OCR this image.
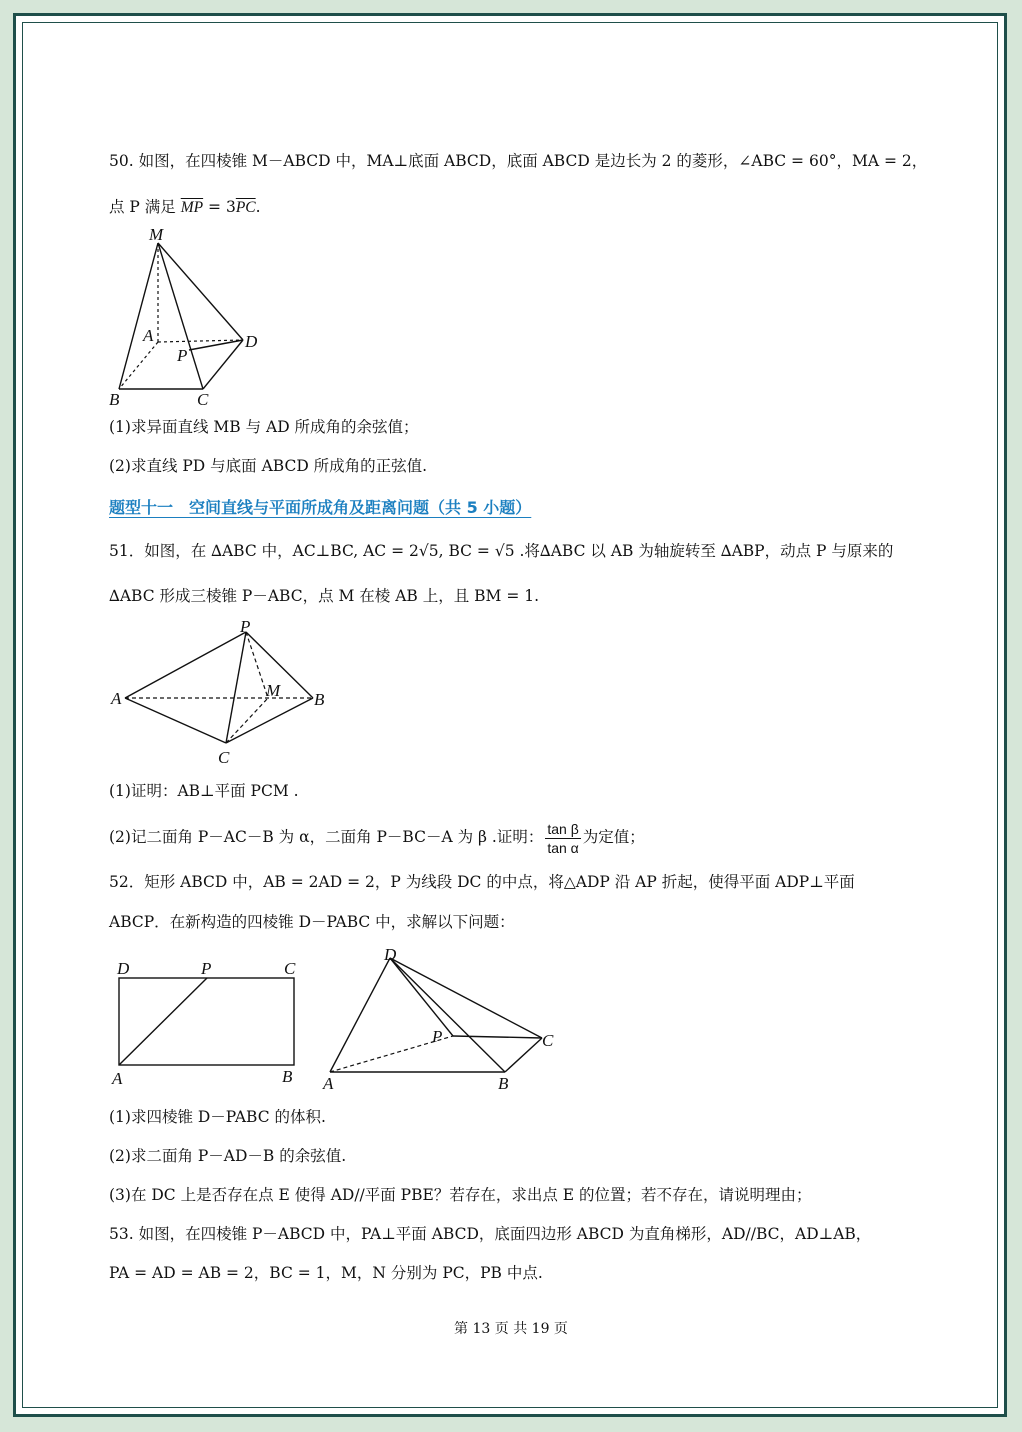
50. 如图，在四棱锥 M－ABCD 中，MA⊥底面 ABCD，底面 ABCD 是边长为 2 的菱形，∠ABC = 60°，MA = 2，
点 P 满足 $\overline{MP} = 3\overline{PC}$.
M
A
P
D
B	C
(1)求异面直线 MB 与 AD 所成角的余弦值；
(2)求直线 PD 与底面 ABCD 所成角的正弦值.
题型十一　空间直线与平面所成角及距离问题（共 5 小题）
51．如图，在 ∆ABC 中，AC⊥BC, AC = 2√5, BC = √5 .将∆ABC 以 AB 为轴旋转至 ∆ABP，动点 P 与原来的
∆ABC 形成三棱锥 P－ABC，点 M 在棱 AB 上，且 BM = 1.
P
A	M B
C
(1)证明：AB⊥平面 PCM .
(2)记二面角 P－AC－B 为 α，二面角 P－BC－A 为 β .证明： $\frac{\text{tan β}}{\text{tan α}}$ 为定值；
52．矩形 ABCD 中，AB = 2AD = 2，P 为线段 DC 的中点，将△ADP 沿 AP 折起，使得平面 ADP⊥平面
ABCP．在新构造的四棱锥 D－PABC 中，求解以下问题：
D	P	C
A	B
D
P	C
A	B
(1)求四棱锥 D－PABC 的体积.
(2)求二面角 P－AD－B 的余弦值.
(3)在 DC 上是否存在点 E 使得 AD//平面 PBE？若存在，求出点 E 的位置；若不存在，请说明理由；
53. 如图，在四棱锥 P－ABCD 中，PA⊥平面 ABCD，底面四边形 ABCD 为直角梯形，AD//BC，AD⊥AB，
PA = AD = AB = 2，BC = 1，M，N 分别为 PC，PB 中点.
第 13 页 共 19 页
